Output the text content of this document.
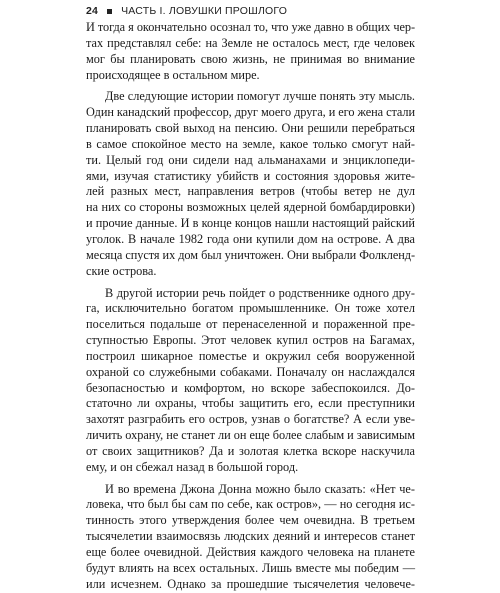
24 ЧАСТЬ I. ЛОВУШКИ ПРОШЛОГО
И тогда я окончательно осознал то, что уже давно в общих чер-
тах представлял себе: на Земле не осталось мест, где человек
мог бы планировать свою жизнь, не принимая во внимание
происходящее в остальном мире.
Две следующие истории помогут лучше понять эту мысль.
Один канадский профессор, друг моего друга, и его жена стали
планировать свой выход на пенсию. Они решили перебраться
в самое спокойное место на земле, какое только смогут най-
ти. Целый год они сидели над альманахами и энциклопеди-
ями, изучая статистику убийств и состояния здоровья жите-
лей разных мест, направления ветров (чтобы ветер не дул
на них со стороны возможных целей ядерной бомбардировки)
и прочие данные. И в конце концов нашли настоящий райский
уголок. В начале 1982 года они купили дом на острове. А два
месяца спустя их дом был уничтожен. Они выбрали Фолкленд-
ские острова.
В другой истории речь пойдет о родственнике одного дру-
га, исключительно богатом промышленнике. Он тоже хотел
поселиться подальше от перенаселенной и пораженной пре-
ступностью Европы. Этот человек купил остров на Багамах,
построил шикарное поместье и окружил себя вооруженной
охраной со служебными собаками. Поначалу он наслаждался
безопасностью и комфортом, но вскоре забеспокоился. До-
статочно ли охраны, чтобы защитить его, если преступники
захотят разграбить его остров, узнав о богатстве? А если уве-
личить охрану, не станет ли он еще более слабым и зависимым
от своих защитников? Да и золотая клетка вскоре наскучила
ему, и он сбежал назад в большой город.
И во времена Джона Донна можно было сказать: «Нет че-
ловека, что был бы сам по себе, как остров», — но сегодня ис-
тинность этого утверждения более чем очевидна. В третьем
тысячелетии взаимосвязь людских деяний и интересов станет
еще более очевидной. Действия каждого человека на планете
будут влиять на всех остальных. Лишь вместе мы победим —
или исчезнем. Однако за прошедшие тысячелетия человече-
